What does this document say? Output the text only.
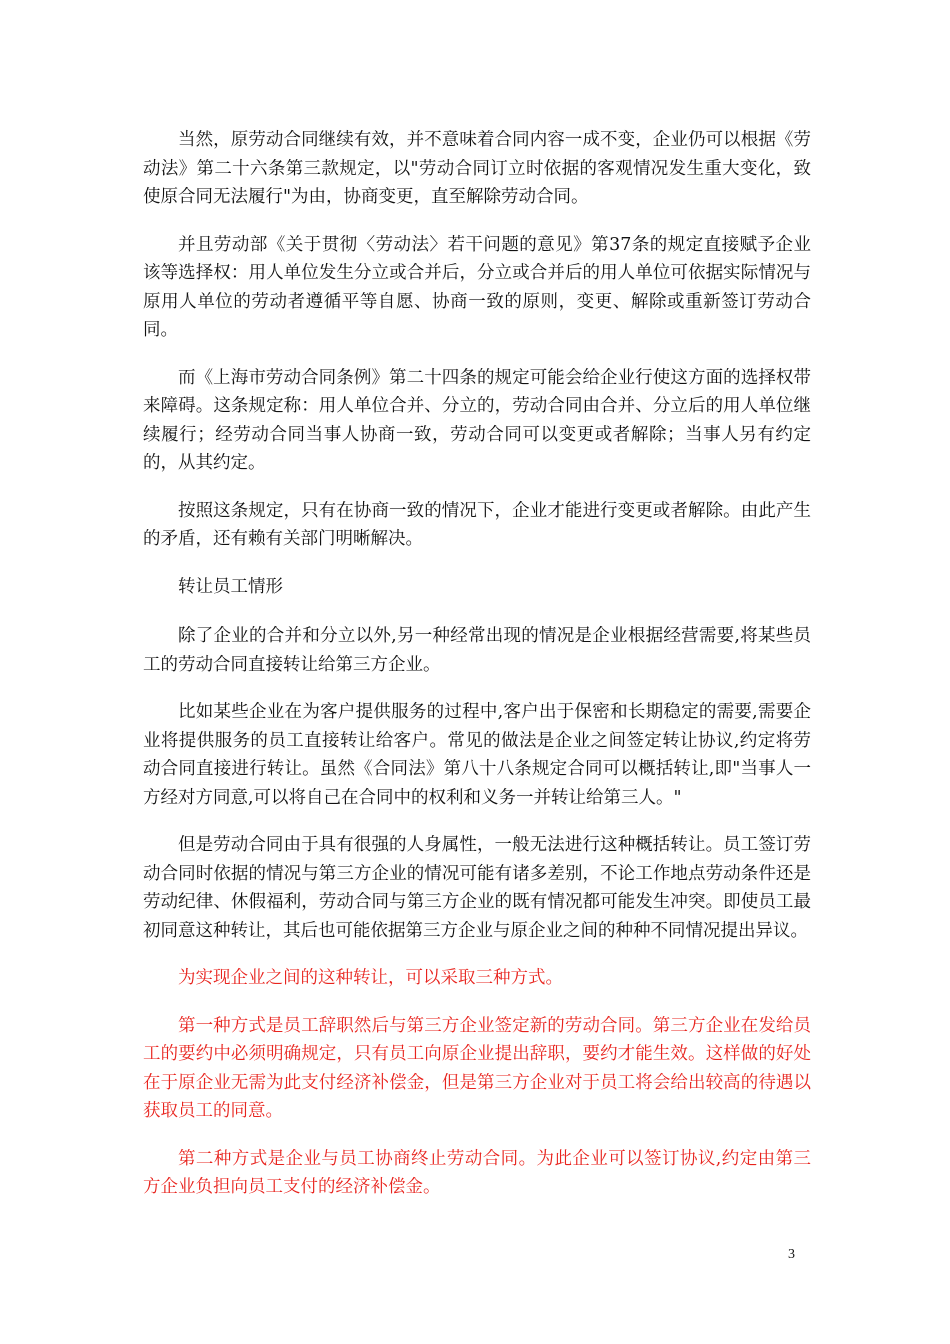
当然，原劳动合同继续有效，并不意味着合同内容一成不变，企业仍可以根据《劳动法》第二十六条第三款规定，以"劳动合同订立时依据的客观情况发生重大变化，致使原合同无法履行"为由，协商变更，直至解除劳动合同。

并且劳动部《关于贯彻〈劳动法〉若干问题的意见》第37条的规定直接赋予企业该等选择权：用人单位发生分立或合并后，分立或合并后的用人单位可依据实际情况与原用人单位的劳动者遵循平等自愿、协商一致的原则，变更、解除或重新签订劳动合同。

而《上海市劳动合同条例》第二十四条的规定可能会给企业行使这方面的选择权带来障碍。这条规定称：用人单位合并、分立的，劳动合同由合并、分立后的用人单位继续履行；经劳动合同当事人协商一致，劳动合同可以变更或者解除；当事人另有约定的，从其约定。

按照这条规定，只有在协商一致的情况下，企业才能进行变更或者解除。由此产生的矛盾，还有赖有关部门明晰解决。

转让员工情形

除了企业的合并和分立以外,另一种经常出现的情况是企业根据经营需要,将某些员工的劳动合同直接转让给第三方企业。

比如某些企业在为客户提供服务的过程中,客户出于保密和长期稳定的需要,需要企业将提供服务的员工直接转让给客户。常见的做法是企业之间签定转让协议,约定将劳动合同直接进行转让。虽然《合同法》第八十八条规定合同可以概括转让,即"当事人一方经对方同意,可以将自己在合同中的权利和义务一并转让给第三人。"

但是劳动合同由于具有很强的人身属性，一般无法进行这种概括转让。员工签订劳动合同时依据的情况与第三方企业的情况可能有诸多差别，不论工作地点劳动条件还是劳动纪律、休假福利，劳动合同与第三方企业的既有情况都可能发生冲突。即使员工最初同意这种转让，其后也可能依据第三方企业与原企业之间的种种不同情况提出异议。

为实现企业之间的这种转让，可以采取三种方式。

第一种方式是员工辞职然后与第三方企业签定新的劳动合同。第三方企业在发给员工的要约中必须明确规定，只有员工向原企业提出辞职，要约才能生效。这样做的好处在于原企业无需为此支付经济补偿金，但是第三方企业对于员工将会给出较高的待遇以获取员工的同意。

第二种方式是企业与员工协商终止劳动合同。为此企业可以签订协议,约定由第三方企业负担向员工支付的经济补偿金。

3
